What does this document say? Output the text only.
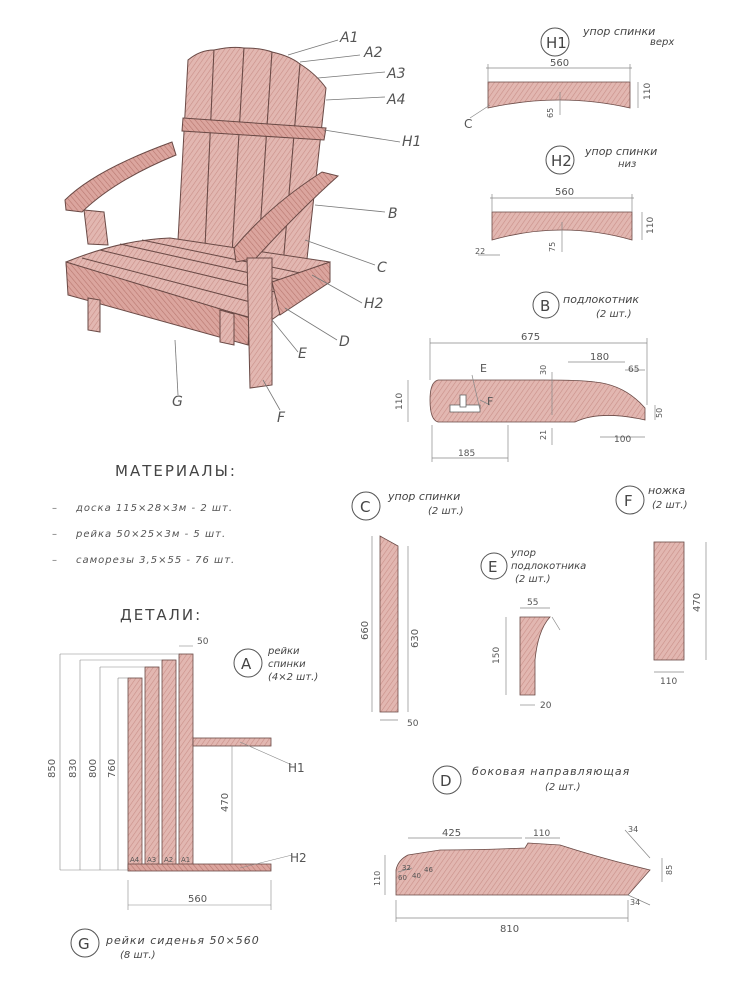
A1
A2
A3
A4
H1
B
C
H2
D
E
G
F
H1
упор спинки
верх
560
110
65
C
H2
упор спинки
низ
560
110
75
22
B подлокотник
(2 шт.)
675
180
65
110
30
21
50
100
185
E
F
МАТЕРИАЛЫ:
–
–
–
доска 115×28×3м - 2 шт.
рейка 50×25×3м - 5 шт.
саморезы 3,5×55 - 76 шт.
C
упор спинки
(2 шт.)
660	630
50
F
ножка
(2 шт.)
470
110
E
упор
подлокотника
(2 шт.)
55
150
20
ДЕТАЛИ:
A
рейки
спинки
(4×2 шт.)
50
850 830 800 760
470
560
H1
H2
A4 A3 A2 A1
D
боковая направляющая
(2 шт.)
425	110	34
85
34
810
110 60
32
40
46
G рейки сиденья 50×560
(8 шт.)
